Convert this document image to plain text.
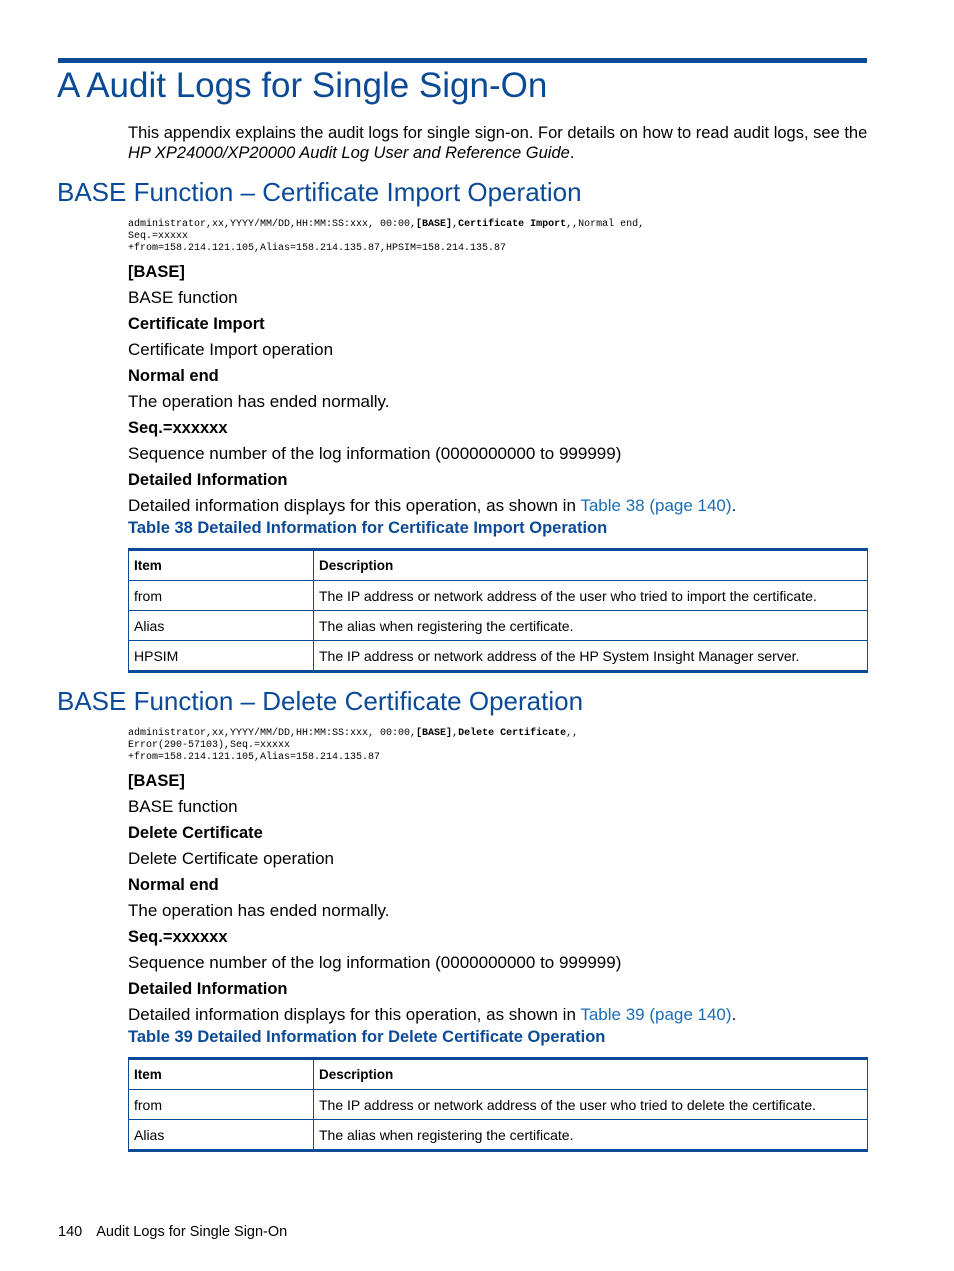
A Audit Logs for Single Sign-On

This appendix explains the audit logs for single sign-on. For details on how to read audit logs, see the HP XP24000/XP20000 Audit Log User and Reference Guide.

BASE Function – Certificate Import Operation
administrator,xx,YYYY/MM/DD,HH:MM:SS:xxx, 00:00,[BASE],Certificate Import,,Normal end,
Seq.=xxxxx
+from=158.214.121.105,Alias=158.214.135.87,HPSIM=158.214.135.87
[BASE]
BASE function
Certificate Import
Certificate Import operation
Normal end
The operation has ended normally.
Seq.=xxxxxx
Sequence number of the log information (0000000000 to 999999)
Detailed Information
Detailed information displays for this operation, as shown in Table 38 (page 140).
Table 38 Detailed Information for Certificate Import Operation
Item	Description
from	The IP address or network address of the user who tried to import the certificate.
Alias	The alias when registering the certificate.
HPSIM	The IP address or network address of the HP System Insight Manager server.
BASE Function – Delete Certificate Operation
administrator,xx,YYYY/MM/DD,HH:MM:SS:xxx, 00:00,[BASE],Delete Certificate,,
Error(290-57103),Seq.=xxxxx
+from=158.214.121.105,Alias=158.214.135.87
[BASE]
BASE function
Delete Certificate
Delete Certificate operation
Normal end
The operation has ended normally.
Seq.=xxxxxx
Sequence number of the log information (0000000000 to 999999)
Detailed Information
Detailed information displays for this operation, as shown in Table 39 (page 140).
Table 39 Detailed Information for Delete Certificate Operation
Item	Description
from	The IP address or network address of the user who tried to delete the certificate.
Alias	The alias when registering the certificate.
140 Audit Logs for Single Sign-On
